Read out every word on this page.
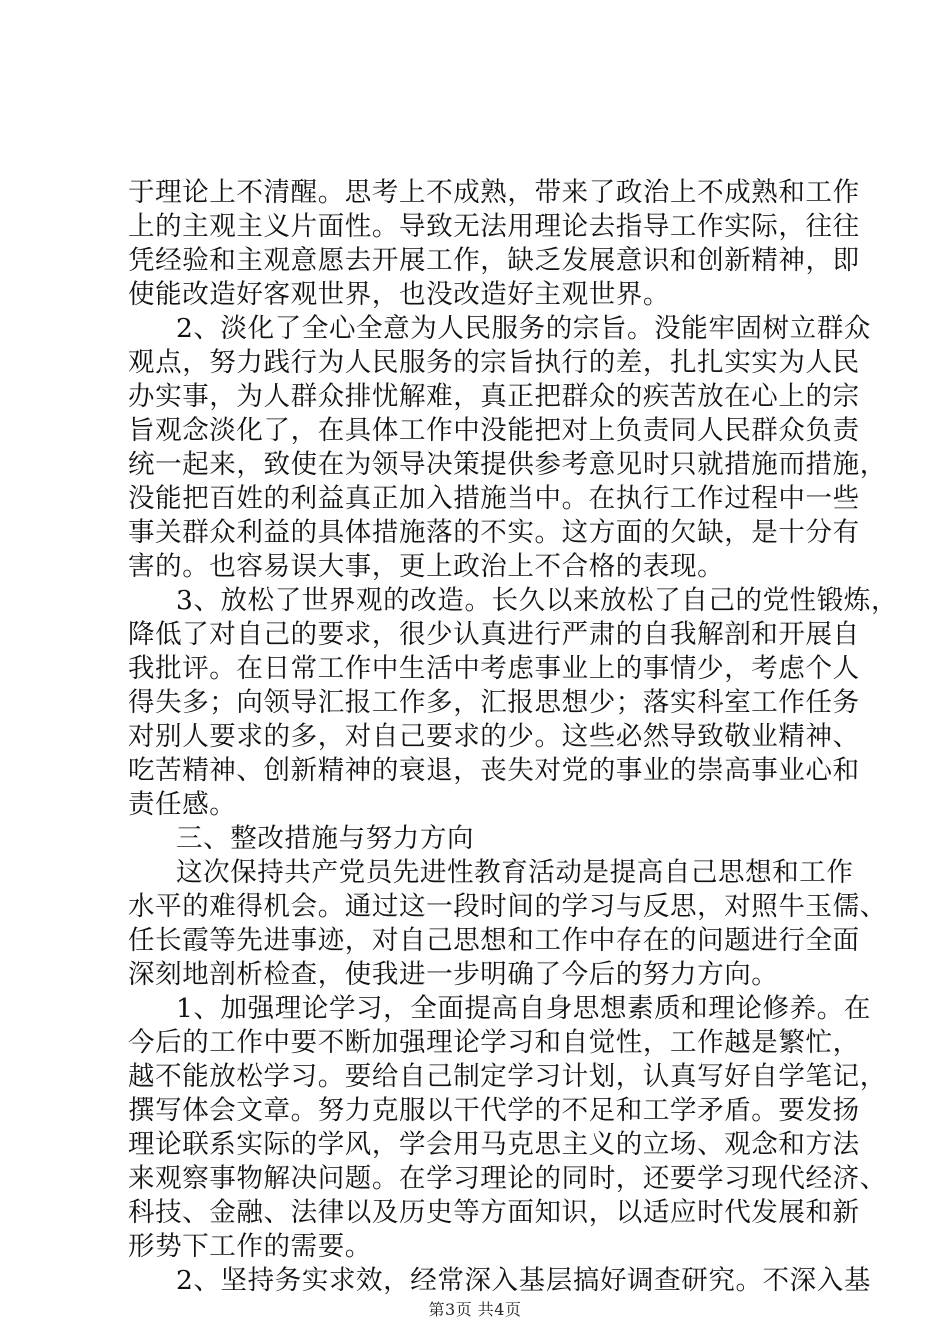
于理论上不清醒。思考上不成熟，带来了政治上不成熟和工作
上的主观主义片面性。导致无法用理论去指导工作实际，往往
凭经验和主观意愿去开展工作，缺乏发展意识和创新精神，即
使能改造好客观世界，也没改造好主观世界。
2、淡化了全心全意为人民服务的宗旨。没能牢固树立群众
观点，努力践行为人民服务的宗旨执行的差，扎扎实实为人民
办实事，为人群众排忧解难，真正把群众的疾苦放在心上的宗
旨观念淡化了，在具体工作中没能把对上负责同人民群众负责
统一起来，致使在为领导决策提供参考意见时只就措施而措施，
没能把百姓的利益真正加入措施当中。在执行工作过程中一些
事关群众利益的具体措施落的不实。这方面的欠缺，是十分有
害的。也容易误大事，更上政治上不合格的表现。
3、放松了世界观的改造。长久以来放松了自己的党性锻炼，
降低了对自己的要求，很少认真进行严肃的自我解剖和开展自
我批评。在日常工作中生活中考虑事业上的事情少，考虑个人
得失多；向领导汇报工作多，汇报思想少；落实科室工作任务
对别人要求的多，对自己要求的少。这些必然导致敬业精神、
吃苦精神、创新精神的衰退，丧失对党的事业的崇高事业心和
责任感。
三、整改措施与努力方向
这次保持共产党员先进性教育活动是提高自己思想和工作
水平的难得机会。通过这一段时间的学习与反思，对照牛玉儒、
任长霞等先进事迹，对自己思想和工作中存在的问题进行全面
深刻地剖析检查，使我进一步明确了今后的努力方向。
1、加强理论学习，全面提高自身思想素质和理论修养。在
今后的工作中要不断加强理论学习和自觉性，工作越是繁忙，
越不能放松学习。要给自己制定学习计划，认真写好自学笔记，
撰写体会文章。努力克服以干代学的不足和工学矛盾。要发扬
理论联系实际的学风，学会用马克思主义的立场、观念和方法
来观察事物解决问题。在学习理论的同时，还要学习现代经济、
科技、金融、法律以及历史等方面知识，以适应时代发展和新
形势下工作的需要。
2、坚持务实求效，经常深入基层搞好调查研究。不深入基
第3页 共4页
